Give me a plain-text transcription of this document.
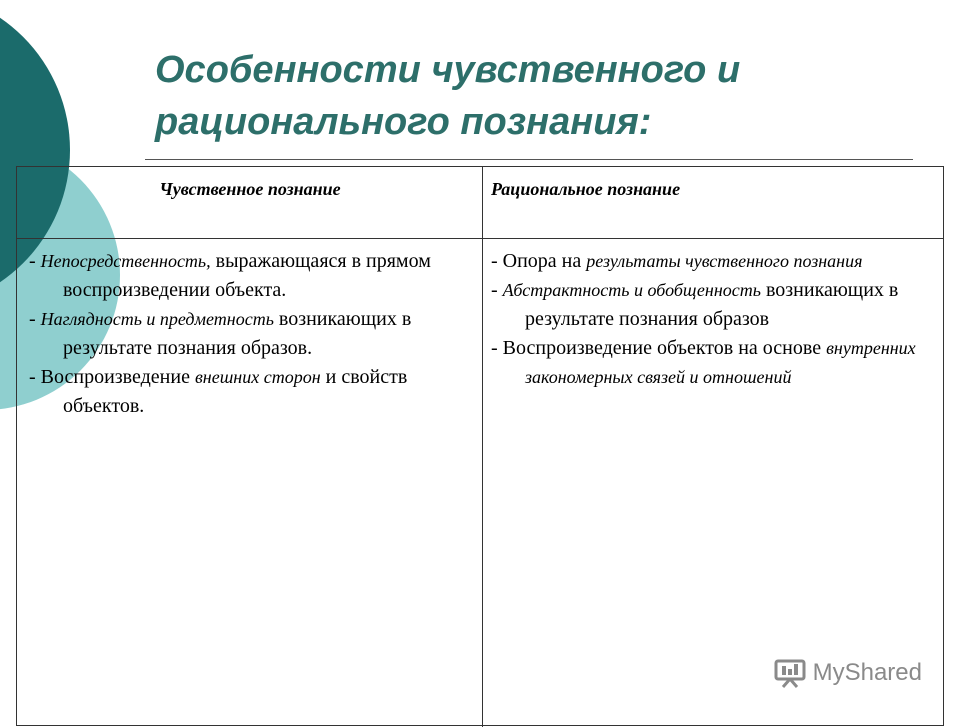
Особенности чувственного и
рационального познания:
Чувственное познание	Рациональное познание

- Непосредственность, выражающаяся в прямом воспроизведении объекта.

- Наглядность и предметность возникающих в результате познания образов.

- Воспроизведение внешних сторон и свойств объектов.

- Опора на результаты чувственного познания

- Абстрактность и обобщенность возникающих в результате познания образов

- Воспроизведение объектов на основе внутренних закономерных связей и отношений

MyShared
